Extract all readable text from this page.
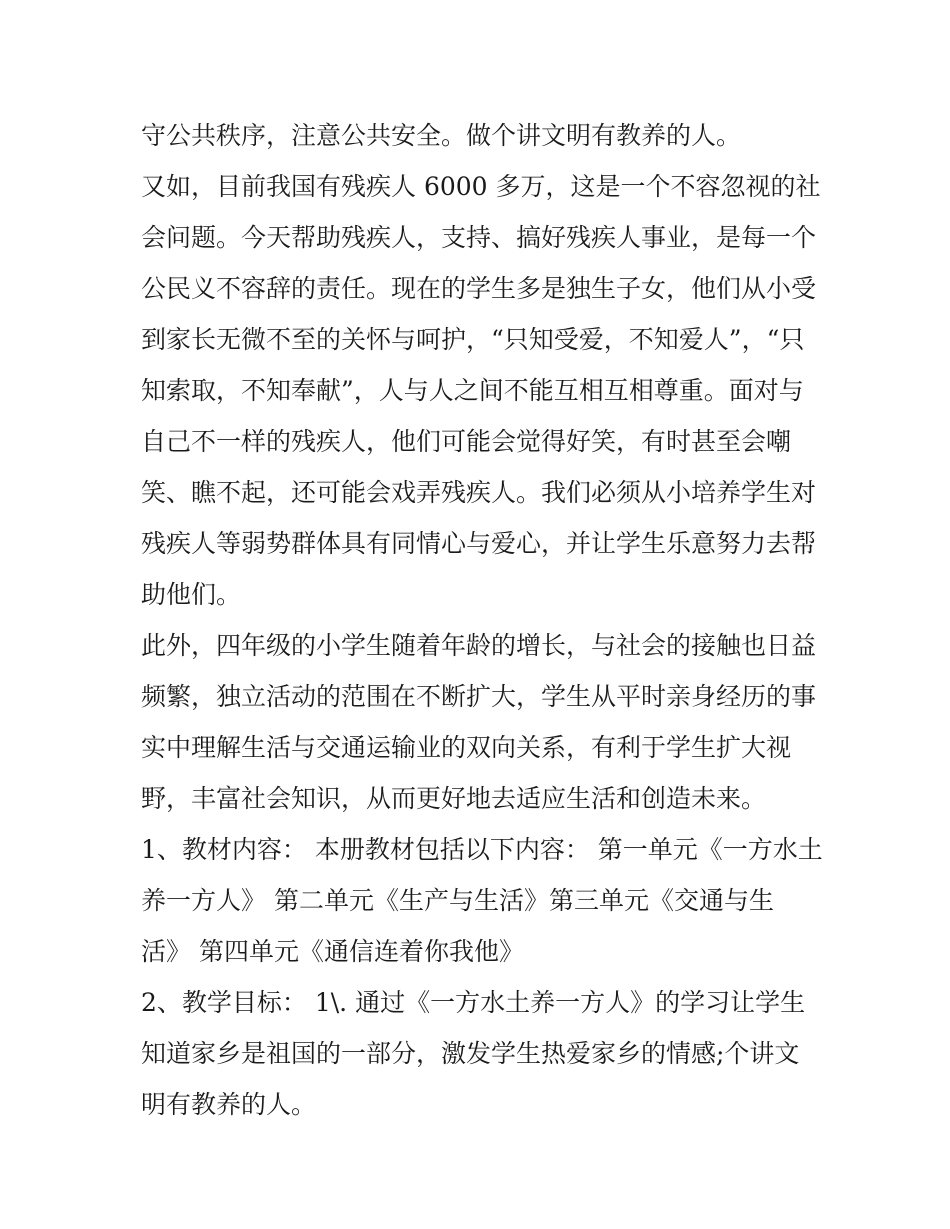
守公共秩序，注意公共安全。做个讲文明有教养的人。
又如，目前我国有残疾人 6000 多万，这是一个不容忽视的社
会问题。今天帮助残疾人，支持、搞好残疾人事业，是每一个
公民义不容辞的责任。现在的学生多是独生子女，他们从小受
到家长无微不至的关怀与呵护，“只知受爱，不知爱人”，“只
知索取，不知奉献”，人与人之间不能互相互相尊重。面对与
自己不一样的残疾人，他们可能会觉得好笑，有时甚至会嘲
笑、瞧不起，还可能会戏弄残疾人。我们必须从小培养学生对
残疾人等弱势群体具有同情心与爱心，并让学生乐意努力去帮
助他们。
此外，四年级的小学生随着年龄的增长，与社会的接触也日益
频繁，独立活动的范围在不断扩大，学生从平时亲身经历的事
实中理解生活与交通运输业的双向关系，有利于学生扩大视
野，丰富社会知识，从而更好地去适应生活和创造未来。
1、教材内容： 本册教材包括以下内容： 第一单元《一方水土
养一方人》 第二单元《生产与生活》第三单元《交通与生
活》 第四单元《通信连着你我他》
2、教学目标： 1\. 通过《一方水土养一方人》的学习让学生
知道家乡是祖国的一部分，激发学生热爱家乡的情感;个讲文
明有教养的人。
